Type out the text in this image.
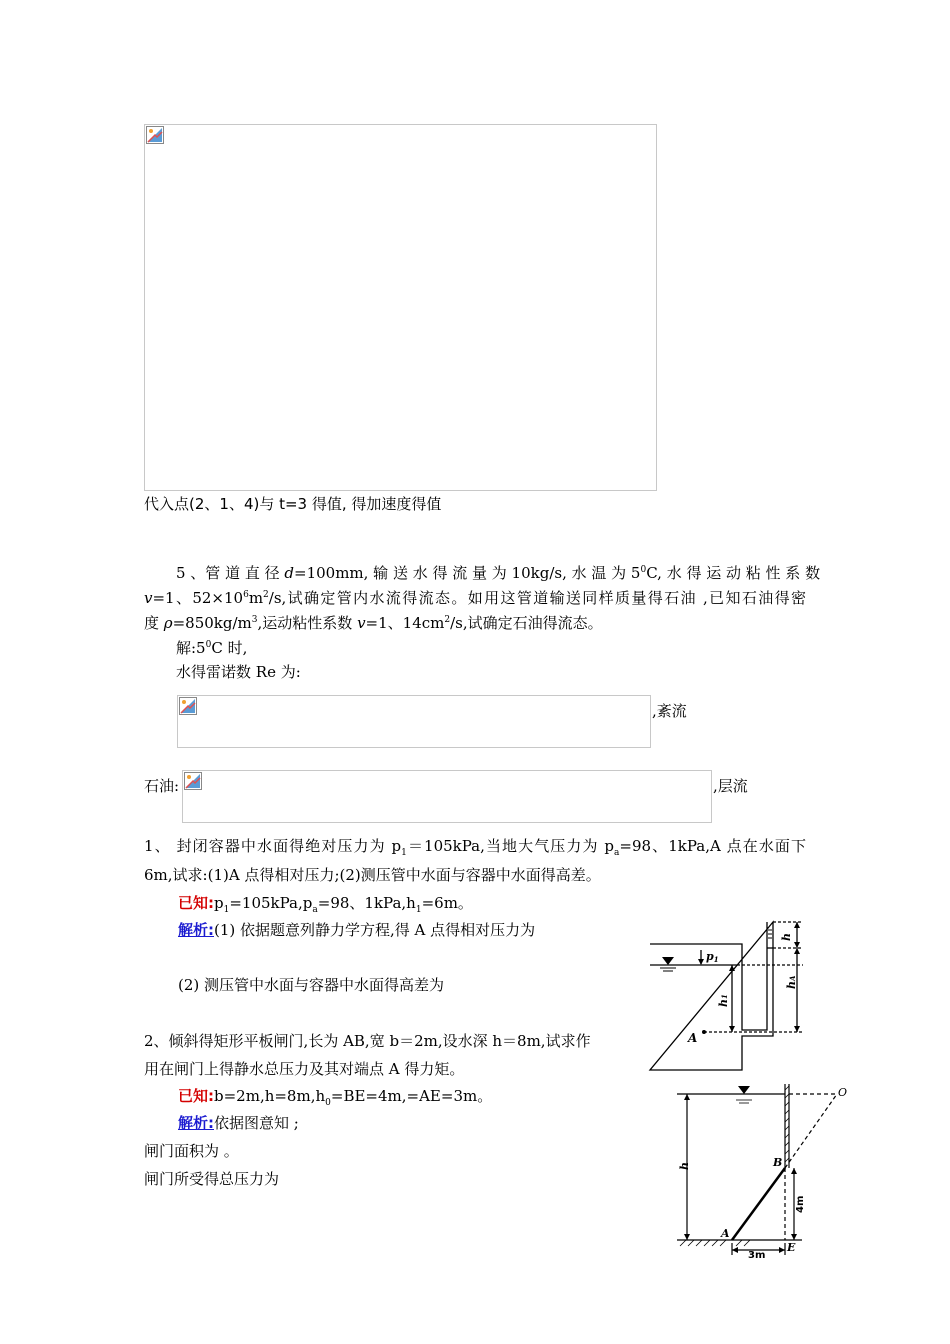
代入点(2、1、4)与 t=3 得值, 得加速度得值
5 、管 道 直 径 d=100mm, 输 送 水 得 流 量 为 10kg/s, 水 温 为 $5^0C$, 水 得 运 动 粘 性 系 数
v=1、$52\times 10^6m^2/s$,试确定管内水流得流态。如用这管道输送同样质量得石油 ,已知石油得密
度 $\rho=850kg/m^3$,运动粘性系数 v=1、$14cm^2/s$,试确定石油得流态。
解$:5^0C$ 时,
水得雷诺数 Re 为:
,紊流
石油:	,层流
1、 封闭容器中水面得绝对压力为 $p_1=105kPa$,当地大气压力为 $p_a=98$、1kPa,A 点在水面下
6m,试求:(1)A 点得相对压力;(2)测压管中水面与容器中水面得高差。
已知$:p_1=105kPa,p_a=98$、$1kPa,h_1=6m$。
解析:(1) 依据题意列静力学方程,得 A 点得相对压力为
(2) 测压管中水面与容器中水面得高差为
p1
h
h1
hA
A
2、倾斜得矩形平板闸门,长为 AB,宽 b＝2m,设水深 h＝8m,试求作
用在闸门上得静水总压力及其对端点 A 得力矩。
已知$:b=2m,h=8m,h_0=BE=4m,=AE=3m$。
解析:依据图意知 ;
闸门面积为 。
闸门所受得总压力为
O
B
A
E
h
4m
3m
